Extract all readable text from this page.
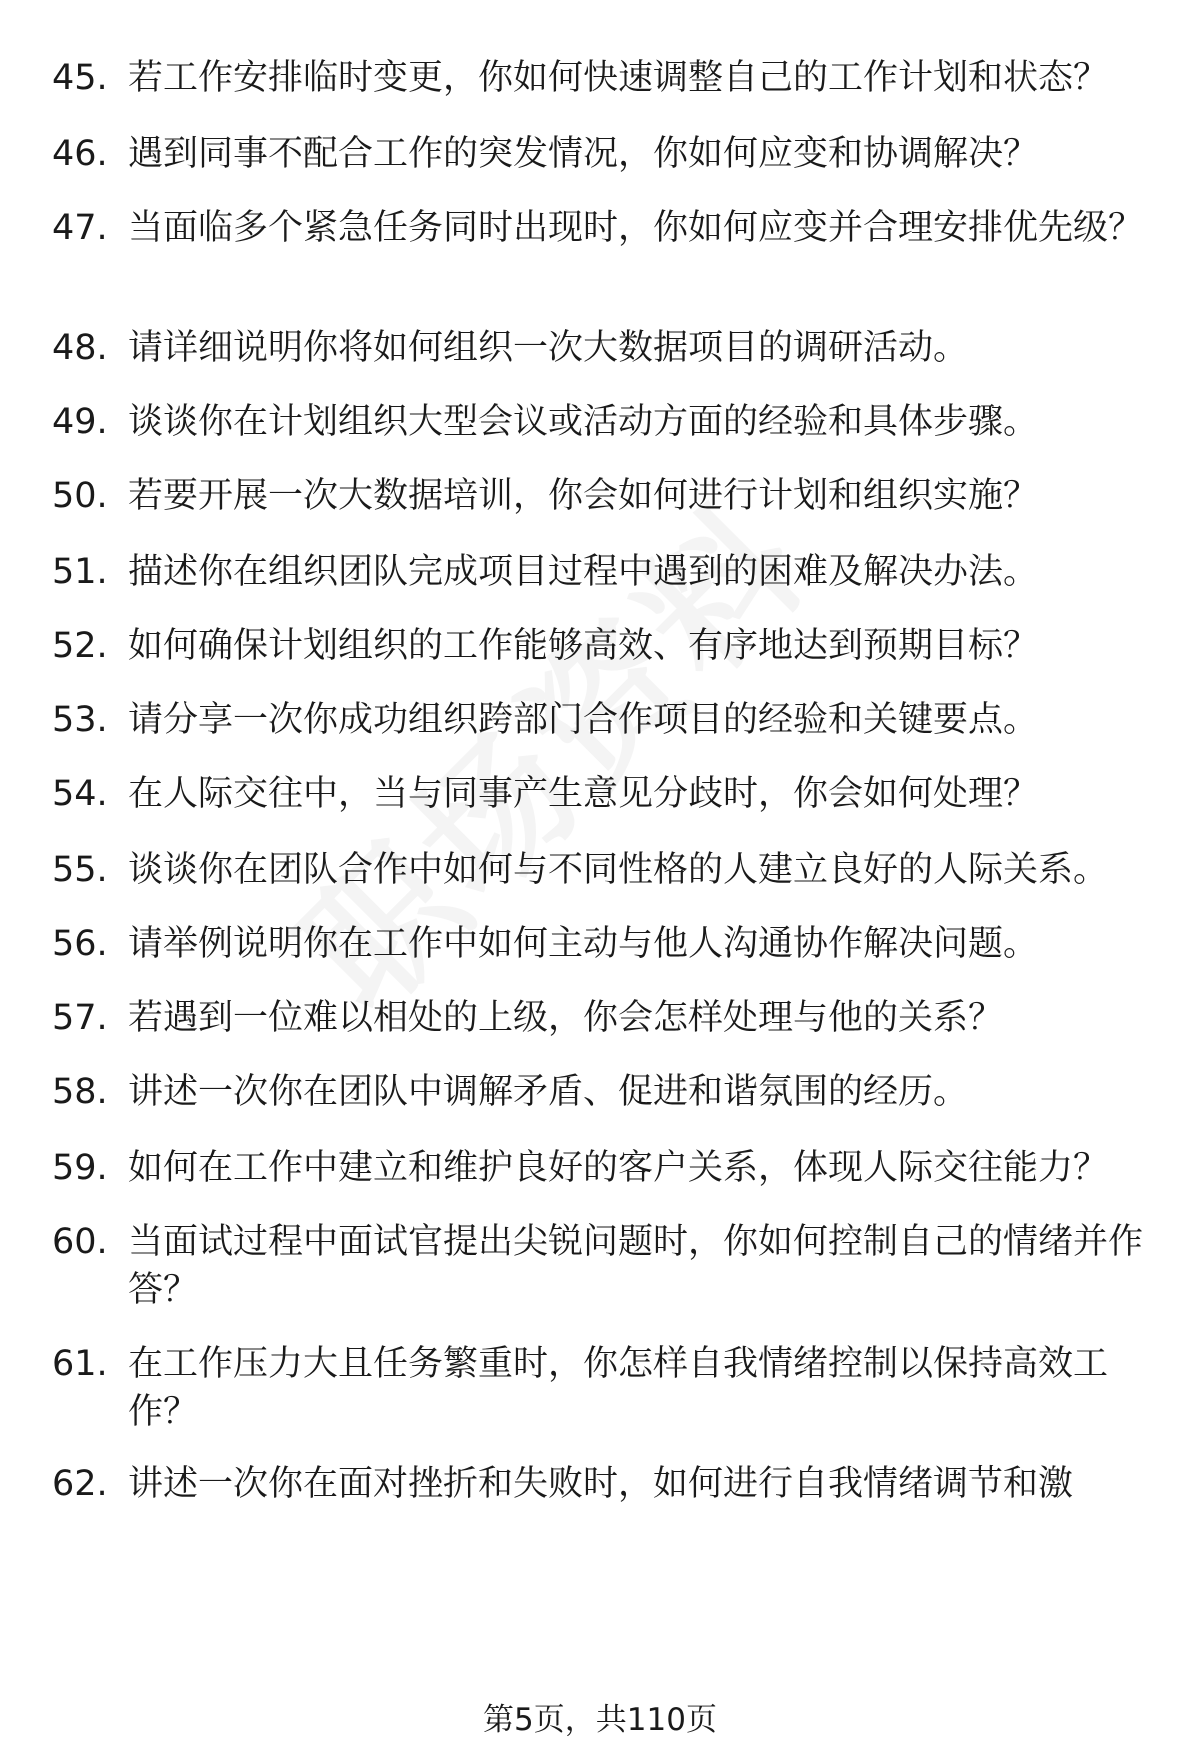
45. 若工作安排临时变更，你如何快速调整自己的工作计划和状态？
46. 遇到同事不配合工作的突发情况，你如何应变和协调解决？
47. 当面临多个紧急任务同时出现时，你如何应变并合理安排优先级？
48. 请详细说明你将如何组织一次大数据项目的调研活动。
49. 谈谈你在计划组织大型会议或活动方面的经验和具体步骤。
50. 若要开展一次大数据培训，你会如何进行计划和组织实施？
51. 描述你在组织团队完成项目过程中遇到的困难及解决办法。
52. 如何确保计划组织的工作能够高效、有序地达到预期目标？
53. 请分享一次你成功组织跨部门合作项目的经验和关键要点。
54. 在人际交往中，当与同事产生意见分歧时，你会如何处理？
55. 谈谈你在团队合作中如何与不同性格的人建立良好的人际关系。
56. 请举例说明你在工作中如何主动与他人沟通协作解决问题。
57. 若遇到一位难以相处的上级，你会怎样处理与他的关系？
58. 讲述一次你在团队中调解矛盾、促进和谐氛围的经历。
59. 如何在工作中建立和维护良好的客户关系，体现人际交往能力？
60. 当面试过程中面试官提出尖锐问题时，你如何控制自己的情绪并作答？
61. 在工作压力大且任务繁重时，你怎样自我情绪控制以保持高效工作？
62. 讲述一次你在面对挫折和失败时，如何进行自我情绪调节和激
第5页，共110页
